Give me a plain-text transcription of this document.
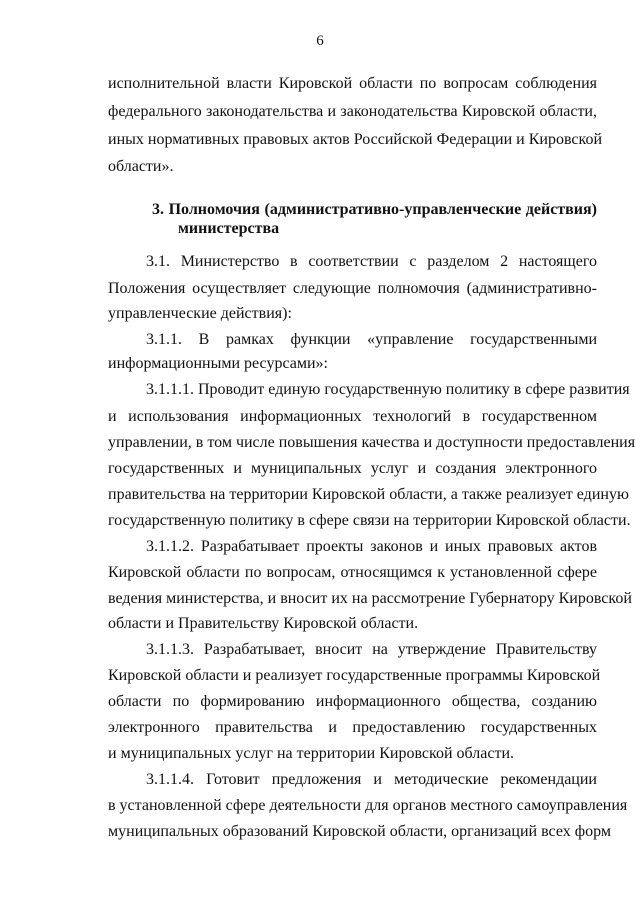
6
исполнительной власти Кировской области по вопросам соблюдения
федерального законодательства и законодательства Кировской области,
иных нормативных правовых актов Российской Федерации и Кировской
области».
3. Полномочия (административно-управленческие действия)
министерства
3.1. Министерство в соответствии с разделом 2 настоящего
Положения осуществляет следующие полномочия (административно-
управленческие действия):
3.1.1. В рамках функции «управление государственными
информационными ресурсами»:
3.1.1.1. Проводит единую государственную политику в сфере развития
и использования информационных технологий в государственном
управлении, в том числе повышения качества и доступности предоставления
государственных и муниципальных услуг и создания электронного
правительства на территории Кировской области, а также реализует единую
государственную политику в сфере связи на территории Кировской области.
3.1.1.2. Разрабатывает проекты законов и иных правовых актов
Кировской области по вопросам, относящимся к установленной сфере
ведения министерства, и вносит их на рассмотрение Губернатору Кировской
области и Правительству Кировской области.
3.1.1.3. Разрабатывает, вносит на утверждение Правительству
Кировской области и реализует государственные программы Кировской
области по формированию информационного общества, созданию
электронного правительства и предоставлению государственных
и муниципальных услуг на территории Кировской области.
3.1.1.4. Готовит предложения и методические рекомендации
в установленной сфере деятельности для органов местного самоуправления
муниципальных образований Кировской области, организаций всех форм
